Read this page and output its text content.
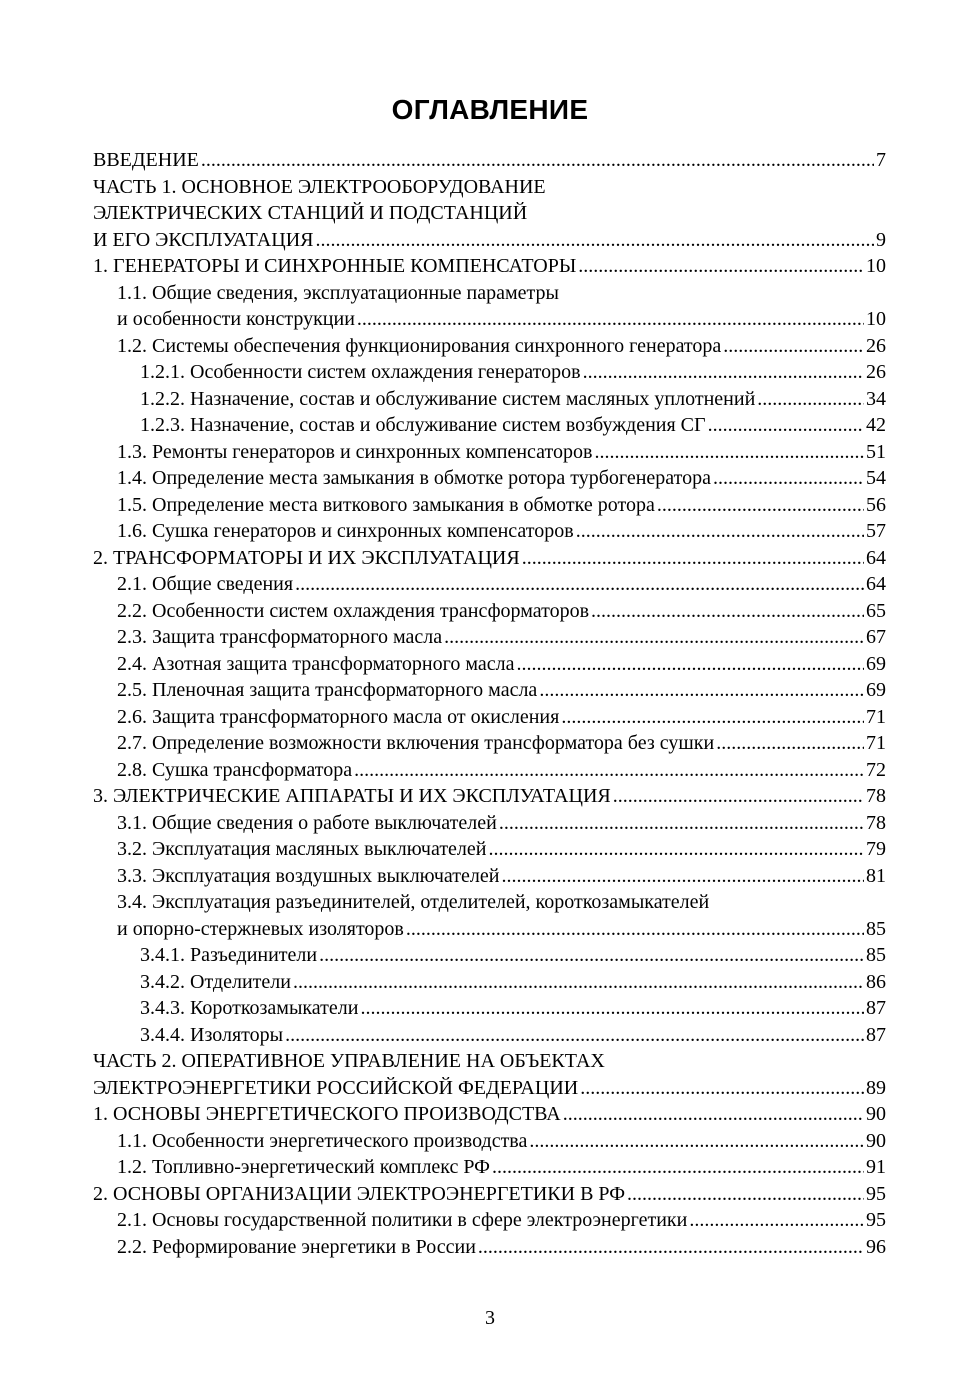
ОГЛАВЛЕНИЕ
ВВЕДЕНИЕ .....	7
ЧАСТЬ 1. ОСНОВНОЕ ЭЛЕКТРООБОРУДОВАНИЕ
ЭЛЕКТРИЧЕСКИХ СТАНЦИЙ И ПОДСТАНЦИЙ
И ЕГО ЭКСПЛУАТАЦИЯ .....	9
1. ГЕНЕРАТОРЫ И СИНХРОННЫЕ КОМПЕНСАТОРЫ .....	10
1.1. Общие сведения, эксплуатационные параметры
и особенности конструкции .....	10
1.2. Системы обеспечения функционирования синхронного генератора .....	26
1.2.1. Особенности систем охлаждения генераторов .....	26
1.2.2. Назначение, состав и обслуживание систем масляных уплотнений .....	34
1.2.3. Назначение, состав и обслуживание систем возбуждения СГ .....	42
1.3. Ремонты генераторов и синхронных компенсаторов .....	51
1.4. Определение места замыкания в обмотке ротора турбогенератора .....	54
1.5. Определение места виткового замыкания в обмотке ротора .....	56
1.6. Сушка генераторов и синхронных компенсаторов .....	57
2. ТРАНСФОРМАТОРЫ И ИХ ЭКСПЛУАТАЦИЯ .....	64
2.1. Общие сведения .....	64
2.2. Особенности систем охлаждения трансформаторов .....	65
2.3. Защита трансформаторного масла .....	67
2.4. Азотная защита трансформаторного масла .....	69
2.5. Пленочная защита трансформаторного масла .....	69
2.6. Защита трансформаторного масла от окисления .....	71
2.7. Определение возможности включения трансформатора без сушки .....	71
2.8. Сушка трансформатора .....	72
3. ЭЛЕКТРИЧЕСКИЕ АППАРАТЫ И ИХ ЭКСПЛУАТАЦИЯ .....	78
3.1. Общие сведения о работе выключателей .....	78
3.2. Эксплуатация масляных выключателей .....	79
3.3. Эксплуатация воздушных выключателей .....	81
3.4. Эксплуатация разъединителей, отделителей, короткозамыкателей
и опорно-стержневых изоляторов .....	85
3.4.1. Разъединители .....	85
3.4.2. Отделители .....	86
3.4.3. Короткозамыкатели .....	87
3.4.4. Изоляторы .....	87
ЧАСТЬ 2. ОПЕРАТИВНОЕ УПРАВЛЕНИЕ НА ОБЪЕКТАХ
ЭЛЕКТРОЭНЕРГЕТИКИ РОССИЙСКОЙ ФЕДЕРАЦИИ .....	89
1. ОСНОВЫ ЭНЕРГЕТИЧЕСКОГО ПРОИЗВОДСТВА .....	90
1.1. Особенности энергетического производства .....	90
1.2. Топливно-энергетический комплекс РФ .....	91
2. ОСНОВЫ ОРГАНИЗАЦИИ ЭЛЕКТРОЭНЕРГЕТИКИ В РФ .....	95
2.1. Основы государственной политики в сфере электроэнергетики .....	95
2.2. Реформирование энергетики в России .....	96
3
